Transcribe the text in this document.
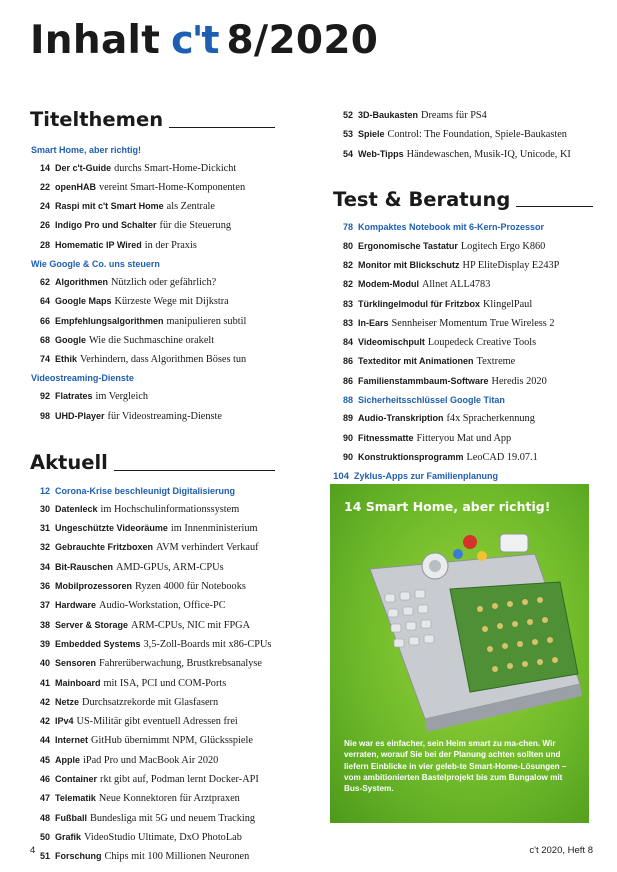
Inhalt c't 8/2020
Titelthemen
Smart Home, aber richtig!
14 Der c't-Guide durchs Smart-Home-Dickicht
22 openHAB vereint Smart-Home-Komponenten
24 Raspi mit c't Smart Home als Zentrale
26 Indigo Pro und Schalter für die Steuerung
28 Homematic IP Wired in der Praxis
Wie Google & Co. uns steuern
62 Algorithmen Nützlich oder gefährlich?
64 Google Maps Kürzeste Wege mit Dijkstra
66 Empfehlungsalgorithmen manipulieren subtil
68 Google Wie die Suchmaschine orakelt
74 Ethik Verhindern, dass Algorithmen Böses tun
Videostreaming-Dienste
92 Flatrates im Vergleich
98 UHD-Player für Videostreaming-Dienste
Aktuell
12 Corona-Krise beschleunigt Digitalisierung
30 Datenleck im Hochschulinformationssystem
31 Ungeschützte Videoräume im Innenministerium
32 Gebrauchte Fritzboxen AVM verhindert Verkauf
34 Bit-Rauschen AMD-GPUs, ARM-CPUs
36 Mobilprozessoren Ryzen 4000 für Notebooks
37 Hardware Audio-Workstation, Office-PC
38 Server & Storage ARM-CPUs, NIC mit FPGA
39 Embedded Systems 3,5-Zoll-Boards mit x86-CPUs
40 Sensoren Fahrerüberwachung, Brustkrebsanalyse
41 Mainboard mit ISA, PCI und COM-Ports
42 Netze Durchsatzrekorde mit Glasfasern
42 IPv4 US-Militär gibt eventuell Adressen frei
44 Internet GitHub übernimmt NPM, Glücksspiele
45 Apple iPad Pro und MacBook Air 2020
46 Container rkt gibt auf, Podman lernt Docker-API
47 Telematik Neue Konnektoren für Arztpraxen
48 Fußball Bundesliga mit 5G und neuem Tracking
50 Grafik VideoStudio Ultimate, DxO PhotoLab
51 Forschung Chips mit 100 Millionen Neuronen
52 3D-Baukasten Dreams für PS4
53 Spiele Control: The Foundation, Spiele-Baukasten
54 Web-Tipps Händewaschen, Musik-IQ, Unicode, KI
Test & Beratung
78 Kompaktes Notebook mit 6-Kern-Prozessor
80 Ergonomische Tastatur Logitech Ergo K860
82 Monitor mit Blickschutz HP EliteDisplay E243P
82 Modem-Modul Allnet ALL4783
83 Türklingelmodul für Fritzbox KlingelPaul
83 In-Ears Sennheiser Momentum True Wireless 2
84 Videomischpult Loupedeck Creative Tools
86 Texteditor mit Animationen Textreme
86 Familienstammbaum-Software Heredis 2020
88 Sicherheitsschlüssel Google Titan
89 Audio-Transkription f4x Spracherkennung
90 Fitnessmatte Fitteryou Mat und App
90 Konstruktionsprogramm LeoCAD 19.07.1
104 Zyklus-Apps zur Familienplanung
14 Smart Home, aber richtig!
Nie war es einfacher, sein Heim smart zu ma-chen. Wir verraten, worauf Sie bei der Planung achten sollten und liefern Einblicke in vier geleb-te Smart-Home-Lösungen – vom ambitionierten Bastelprojekt bis zum Bungalow mit Bus-System.
4	c't 2020, Heft 8
